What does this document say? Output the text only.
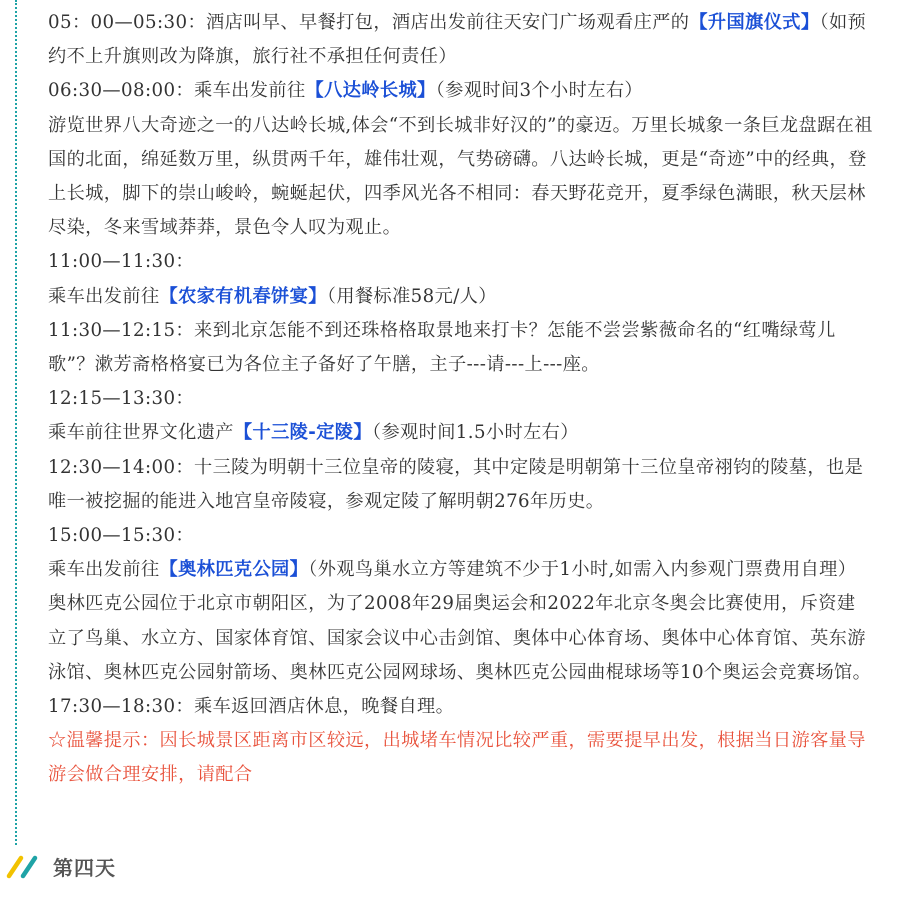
05：00—05:30：酒店叫早、早餐打包，酒店出发前往天安门广场观看庄严的【升国旗仪式】（如预约不上升旗则改为降旗，旅行社不承担任何责任）

06:30—08:00：乘车出发前往【八达岭长城】（参观时间3个小时左右）

游览世界八大奇迹之一的八达岭长城,体会“不到长城非好汉的”的豪迈。万里长城象一条巨龙盘踞在祖国的北面，绵延数万里，纵贯两千年，雄伟壮观，气势磅礴。八达岭长城，更是“奇迹”中的经典，登上长城，脚下的崇山峻岭，蜿蜒起伏，四季风光各不相同：春天野花竞开，夏季绿色满眼，秋天层林尽染，冬来雪域莽莽，景色令人叹为观止。

11:00—11:30：

乘车出发前往【农家有机春饼宴】（用餐标准58元/人）

11:30—12:15：来到北京怎能不到还珠格格取景地来打卡？怎能不尝尝紫薇命名的“红嘴绿莺儿歌”？漱芳斋格格宴已为各位主子备好了午膳，主子---请---上---座。

12:15—13:30：

乘车前往世界文化遗产【十三陵-定陵】（参观时间1.5小时左右）

12:30—14:00：十三陵为明朝十三位皇帝的陵寝，其中定陵是明朝第十三位皇帝祤钧的陵墓，也是唯一被挖掘的能进入地宫皇帝陵寝，参观定陵了解明朝276年历史。

15:00—15:30：

乘车出发前往【奥林匹克公园】（外观鸟巢水立方等建筑不少于1小时,如需入内参观门票费用自理）奥林匹克公园位于北京市朝阳区，为了2008年29届奥运会和2022年北京冬奥会比赛使用，斥资建立了鸟巢、水立方、国家体育馆、国家会议中心击剑馆、奥体中心体育场、奥体中心体育馆、英东游泳馆、奥林匹克公园射箭场、奥林匹克公园网球场、奥林匹克公园曲棍球场等10个奥运会竞赛场馆。

17:30—18:30：乘车返回酒店休息，晚餐自理。

☆温馨提示：因长城景区距离市区较远，出城堵车情况比较严重，需要提早出发，根据当日游客量导游会做合理安排，请配合

第四天
